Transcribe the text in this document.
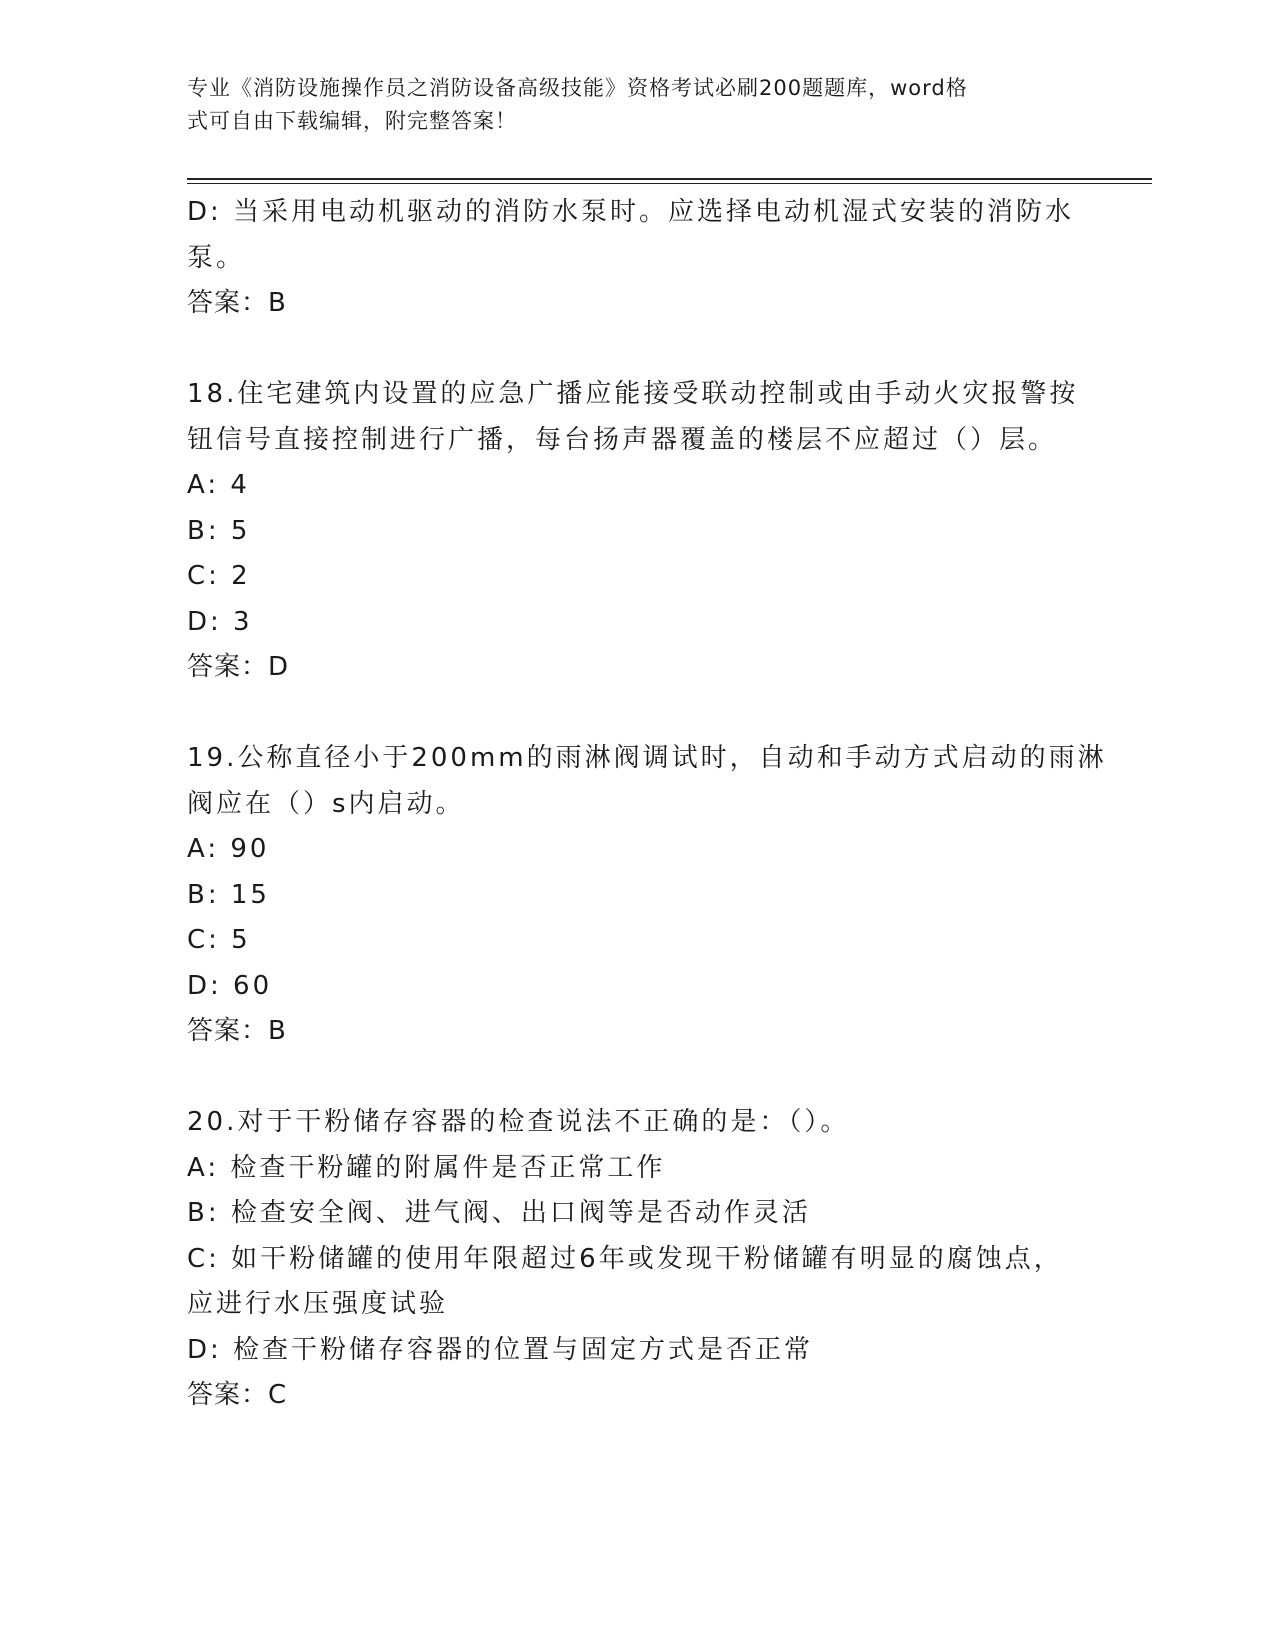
专业《消防设施操作员之消防设备高级技能》资格考试必刷200题题库，word格
式可自由下载编辑，附完整答案！
D: 当采用电动机驱动的消防水泵时。应选择电动机湿式安装的消防水
泵。
答案：B
18.住宅建筑内设置的应急广播应能接受联动控制或由手动火灾报警按
钮信号直接控制进行广播，每台扬声器覆盖的楼层不应超过（）层。
A: 4
B: 5
C: 2
D: 3
答案：D
19.公称直径小于200mm的雨淋阀调试时，自动和手动方式启动的雨淋
阀应在（）s内启动。
A: 90
B: 15
C: 5
D: 60
答案：B
20.对于干粉储存容器的检查说法不正确的是：（）。
A: 检查干粉罐的附属件是否正常工作
B: 检查安全阀、进气阀、出口阀等是否动作灵活
C: 如干粉储罐的使用年限超过6年或发现干粉储罐有明显的腐蚀点，
应进行水压强度试验
D: 检查干粉储存容器的位置与固定方式是否正常
答案：C
